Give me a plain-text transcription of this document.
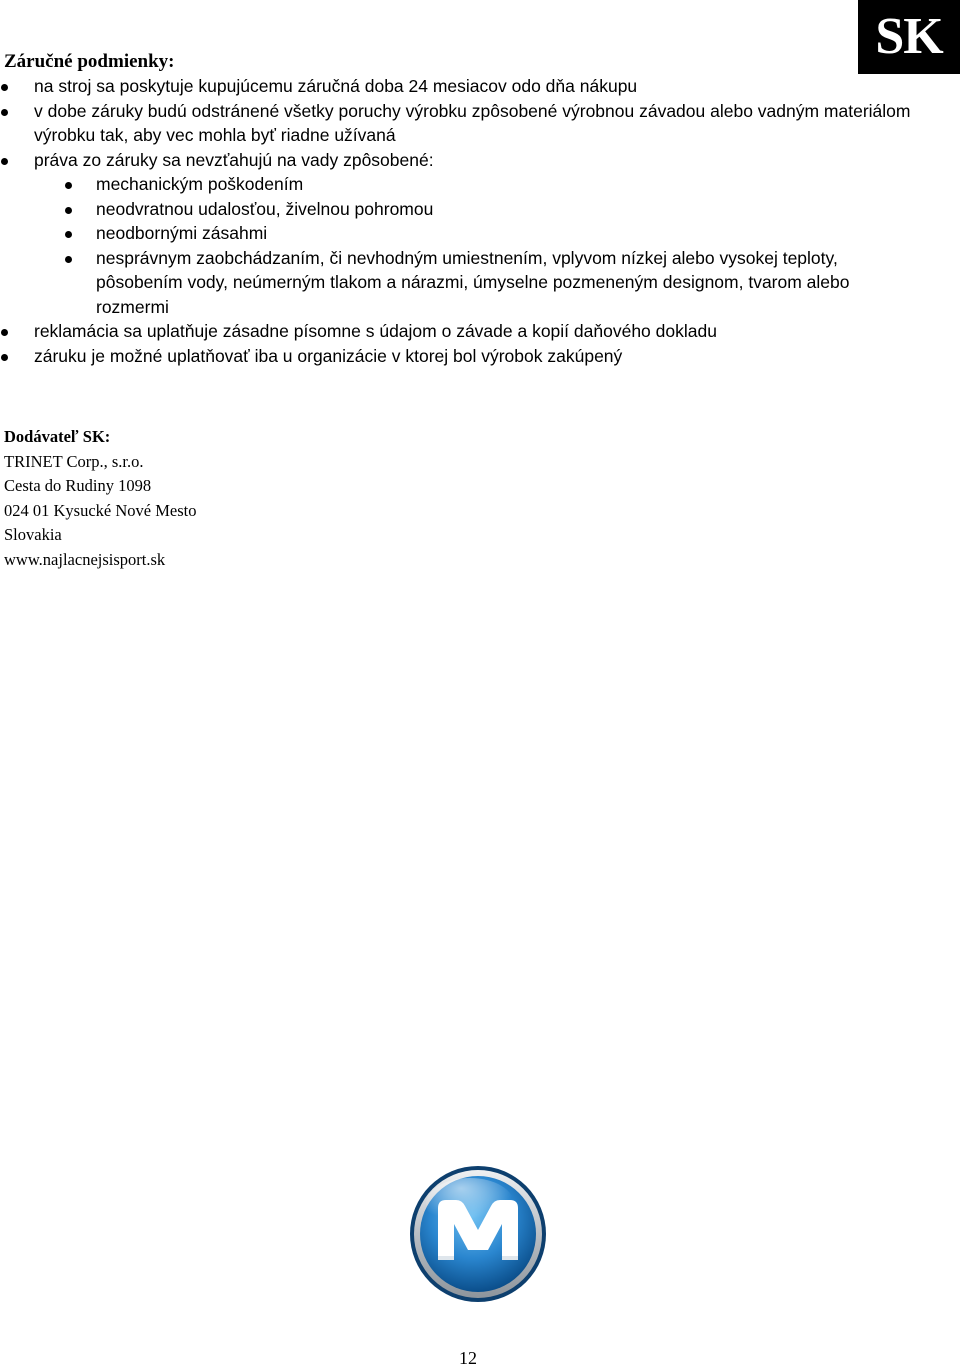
SK
Záručné podmienky:
na stroj sa poskytuje kupujúcemu záručná doba 24 mesiacov odo dňa nákupu
v dobe záruky budú odstránené všetky poruchy výrobku zpôsobené výrobnou závadou alebo vadným materiálom výrobku tak, aby vec mohla byť riadne užívaná
práva zo záruky sa nevzťahujú na vady zpôsobené:
mechanickým poškodením
neodvratnou udalosťou, živelnou pohromou
neodbornými zásahmi
nesprávnym zaobchádzaním, či nevhodným umiestnením, vplyvom nízkej alebo vysokej teploty, pôsobením vody, neúmerným tlakom a nárazmi, úmyselne pozmeneným designom, tvarom alebo rozmermi
reklamácia sa uplatňuje zásadne písomne s údajom o závade a kopií daňového dokladu
záruku je možné uplatňovať iba u organizácie v ktorej bol výrobok zakúpený
Dodávateľ SK:
TRINET Corp., s.r.o.
Cesta do Rudiny 1098
024 01 Kysucké Nové Mesto
Slovakia
www.najlacnejsisport.sk
12
